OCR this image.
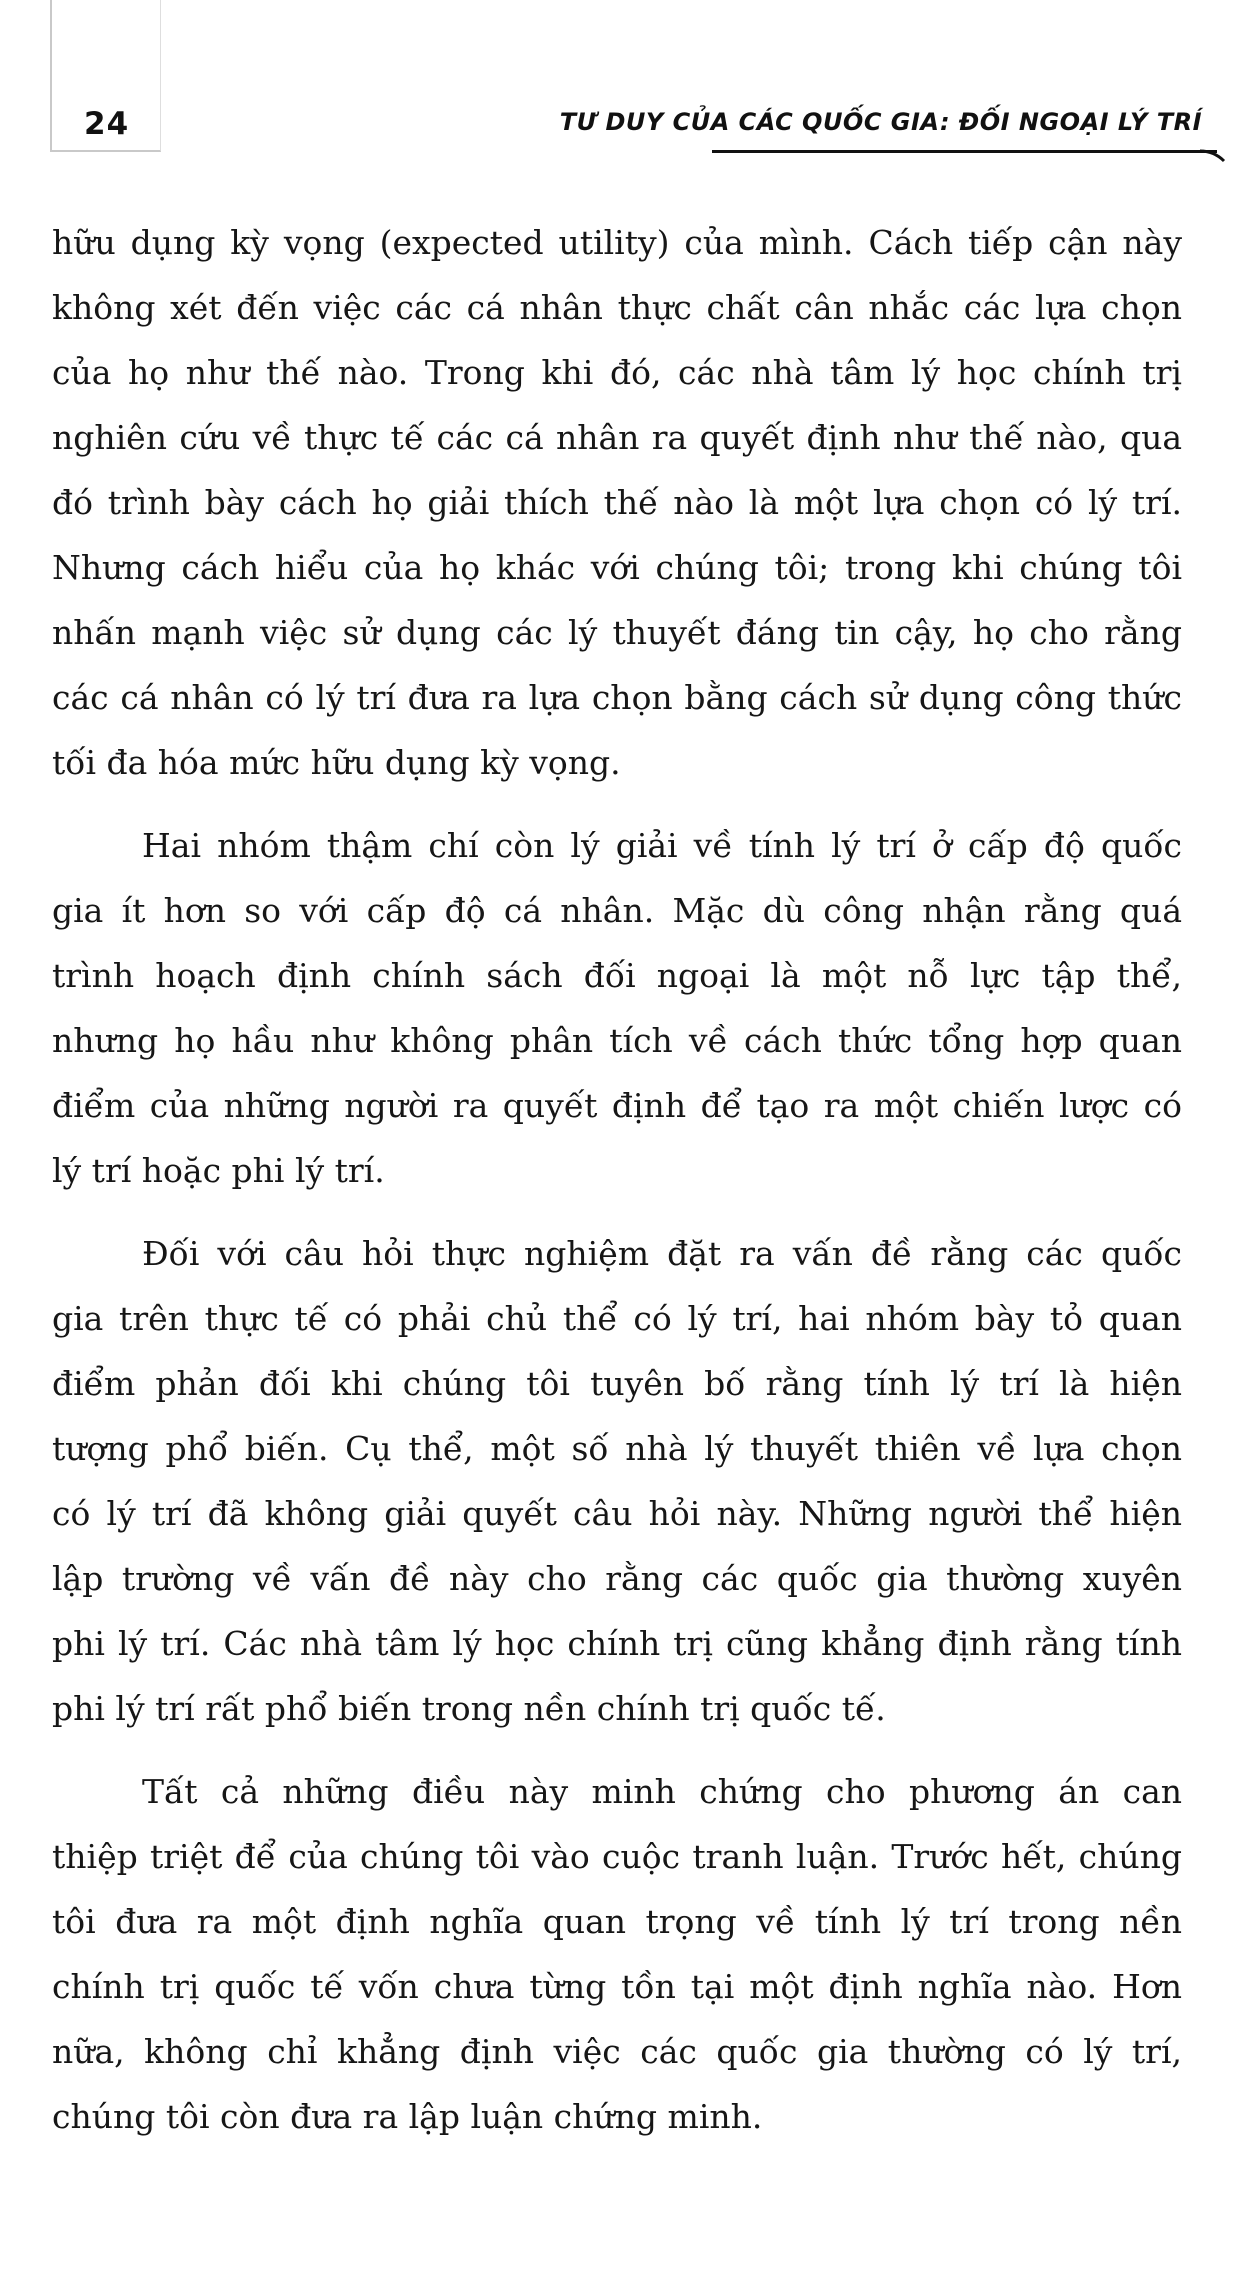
24	TƯ DUY CỦA CÁC QUỐC GIA: ĐỐI NGOẠI LÝ TRÍ

hữu dụng kỳ vọng (expected utility) của mình. Cách tiếp cận này
không xét đến việc các cá nhân thực chất cân nhắc các lựa chọn
của họ như thế nào. Trong khi đó, các nhà tâm lý học chính trị
nghiên cứu về thực tế các cá nhân ra quyết định như thế nào, qua
đó trình bày cách họ giải thích thế nào là một lựa chọn có lý trí.
Nhưng cách hiểu của họ khác với chúng tôi; trong khi chúng tôi
nhấn mạnh việc sử dụng các lý thuyết đáng tin cậy, họ cho rằng
các cá nhân có lý trí đưa ra lựa chọn bằng cách sử dụng công thức
tối đa hóa mức hữu dụng kỳ vọng.

Hai nhóm thậm chí còn lý giải về tính lý trí ở cấp độ quốc
gia ít hơn so với cấp độ cá nhân. Mặc dù công nhận rằng quá
trình hoạch định chính sách đối ngoại là một nỗ lực tập thể,
nhưng họ hầu như không phân tích về cách thức tổng hợp quan
điểm của những người ra quyết định để tạo ra một chiến lược có
lý trí hoặc phi lý trí.

Đối với câu hỏi thực nghiệm đặt ra vấn đề rằng các quốc
gia trên thực tế có phải chủ thể có lý trí, hai nhóm bày tỏ quan
điểm phản đối khi chúng tôi tuyên bố rằng tính lý trí là hiện
tượng phổ biến. Cụ thể, một số nhà lý thuyết thiên về lựa chọn
có lý trí đã không giải quyết câu hỏi này. Những người thể hiện
lập trường về vấn đề này cho rằng các quốc gia thường xuyên
phi lý trí. Các nhà tâm lý học chính trị cũng khẳng định rằng tính
phi lý trí rất phổ biến trong nền chính trị quốc tế.

Tất cả những điều này minh chứng cho phương án can
thiệp triệt để của chúng tôi vào cuộc tranh luận. Trước hết, chúng
tôi đưa ra một định nghĩa quan trọng về tính lý trí trong nền
chính trị quốc tế vốn chưa từng tồn tại một định nghĩa nào. Hơn
nữa, không chỉ khẳng định việc các quốc gia thường có lý trí,
chúng tôi còn đưa ra lập luận chứng minh.
